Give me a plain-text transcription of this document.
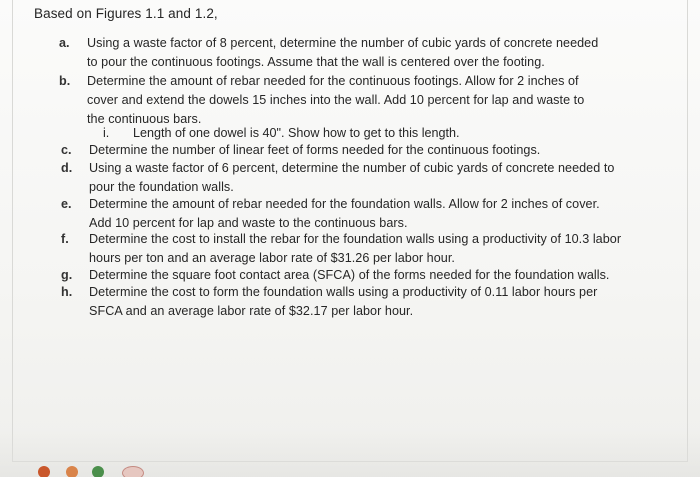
Based on Figures 1.1 and 1.2,
a. Using a waste factor of 8 percent, determine the number of cubic yards of concrete needed to pour the continuous footings. Assume that the wall is centered over the footing.
b. Determine the amount of rebar needed for the continuous footings. Allow for 2 inches of cover and extend the dowels 15 inches into the wall. Add 10 percent for lap and waste to the continuous bars.
i. Length of one dowel is 40". Show how to get to this length.
c. Determine the number of linear feet of forms needed for the continuous footings.
d. Using a waste factor of 6 percent, determine the number of cubic yards of concrete needed to pour the foundation walls.
e. Determine the amount of rebar needed for the foundation walls. Allow for 2 inches of cover. Add 10 percent for lap and waste to the continuous bars.
f. Determine the cost to install the rebar for the foundation walls using a productivity of 10.3 labor hours per ton and an average labor rate of $31.26 per labor hour.
g. Determine the square foot contact area (SFCA) of the forms needed for the foundation walls.
h. Determine the cost to form the foundation walls using a productivity of 0.11 labor hours per SFCA and an average labor rate of $32.17 per labor hour.
